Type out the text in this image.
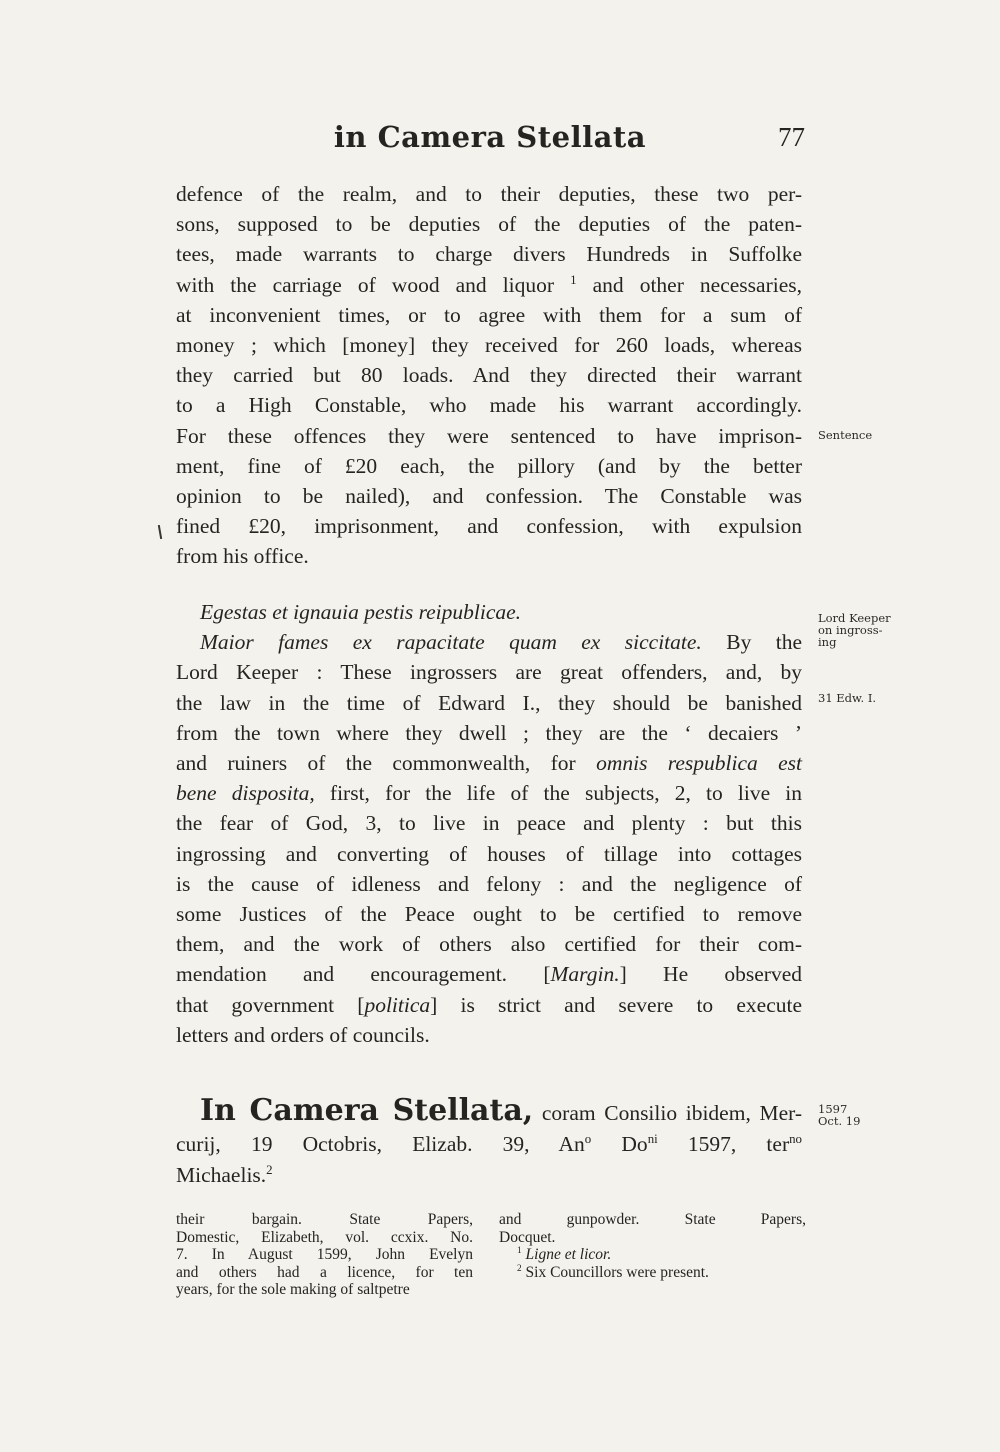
in Camera Stellata	77
defence of the realm, and to their deputies, these two per-
sons, supposed to be deputies of the deputies of the paten-
tees, made warrants to charge divers Hundreds in Suffolke
with the carriage of wood and liquor $^1$ and other necessaries,
at inconvenient times, or to agree with them for a sum of
money ; which [money] they received for 260 loads, whereas
they carried but 80 loads. And they directed their warrant
to a High Constable, who made his warrant accordingly.
For these offences they were sentenced to have imprison-
ment, fine of £20 each, the pillory (and by the better
opinion to be nailed), and confession. The Constable was
fined £20, imprisonment, and confession, with expulsion
from his office.
Egestas et ignauia pestis reipublicae.
Maior fames ex rapacitate quam ex siccitate. By the
Lord Keeper : These ingrossers are great offenders, and, by
the law in the time of Edward I., they should be banished
from the town where they dwell ; they are the ‘ decaiers ’
and ruiners of the commonwealth, for omnis respublica est
bene disposita, first, for the life of the subjects, 2, to live in
the fear of God, 3, to live in peace and plenty : but this
ingrossing and converting of houses of tillage into cottages
is the cause of idleness and felony : and the negligence of
some Justices of the Peace ought to be certified to remove
them, and the work of others also certified for their com-
mendation and encouragement. [Margin.] He observed
that government [politica] is strict and severe to execute
letters and orders of councils.
In Camera Stellata, coram Consilio ibidem, Mer-
curij, 19 Octobris, Elizab. 39, An$^o$ $Do^{ni}$ 1597, ter$^{no}$
Michaelis.$^2$
Sentence
Lord Keeper
on ingross-
ing
31 Edw. I.
1597
Oct. 19
their bargain. State Papers,
Domestic, Elizabeth, vol. ccxix. No.
7. In August 1599, John Evelyn
and others had a licence, for ten
years, for the sole making of saltpetre
and gunpowder. State Papers,
Docquet.
$^1$ Ligne et licor.
$^2$ Six Councillors were present.
